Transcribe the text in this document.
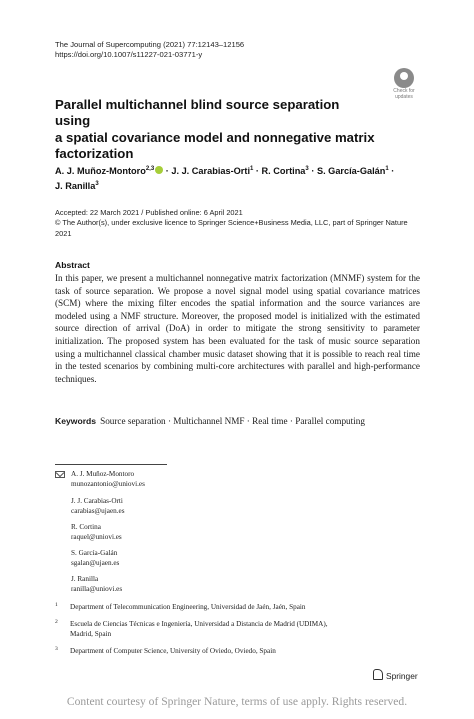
The Journal of Supercomputing (2021) 77:12143–12156
https://doi.org/10.1007/s11227-021-03771-y
Check for
updates
Parallel multichannel blind source separation using
a spatial covariance model and nonnegative matrix
factorization
A. J. Muñoz-Montoro$^{2,3}$ · J. J. Carabias-Orti$^1$ · R. Cortina$^3$ · S. García-Galán$^1$ ·
J. Ranilla$^3$
Accepted: 22 March 2021 / Published online: 6 April 2021
© The Author(s), under exclusive licence to Springer Science+Business Media, LLC, part of Springer Nature
2021
Abstract
In this paper, we present a multichannel nonnegative matrix factorization (MNMF) system for the task of source separation. We propose a novel signal model using spatial covariance matrices (SCM) where the mixing filter encodes the spatial information and the source variances are modeled using a NMF structure. Moreover, the proposed model is initialized with the estimated source direction of arrival (DoA) in order to mitigate the strong sensitivity to parameter initialization. The proposed system has been evaluated for the task of music source separation using a multichannel classical chamber music dataset showing that it is possible to reach real time in the tested scenarios by combining multi-core architectures with parallel and high-performance techniques.
Keywords Source separation · Multichannel NMF · Real time · Parallel computing
A. J. Muñoz-Montoro
munozantonio@uniovi.es
J. J. Carabias-Orti
carabias@ujaen.es
R. Cortina
raquel@uniovi.es
S. García-Galán
sgalan@ujaen.es
J. Ranilla
ranilla@uniovi.es
1 Department of Telecommunication Engineering, Universidad de Jaén, Jaén, Spain
2 Escuela de Ciencias Técnicas e Ingeniería, Universidad a Distancia de Madrid (UDIMA),
Madrid, Spain
3 Department of Computer Science, University of Oviedo, Oviedo, Spain
Springer
Content courtesy of Springer Nature, terms of use apply. Rights reserved.
